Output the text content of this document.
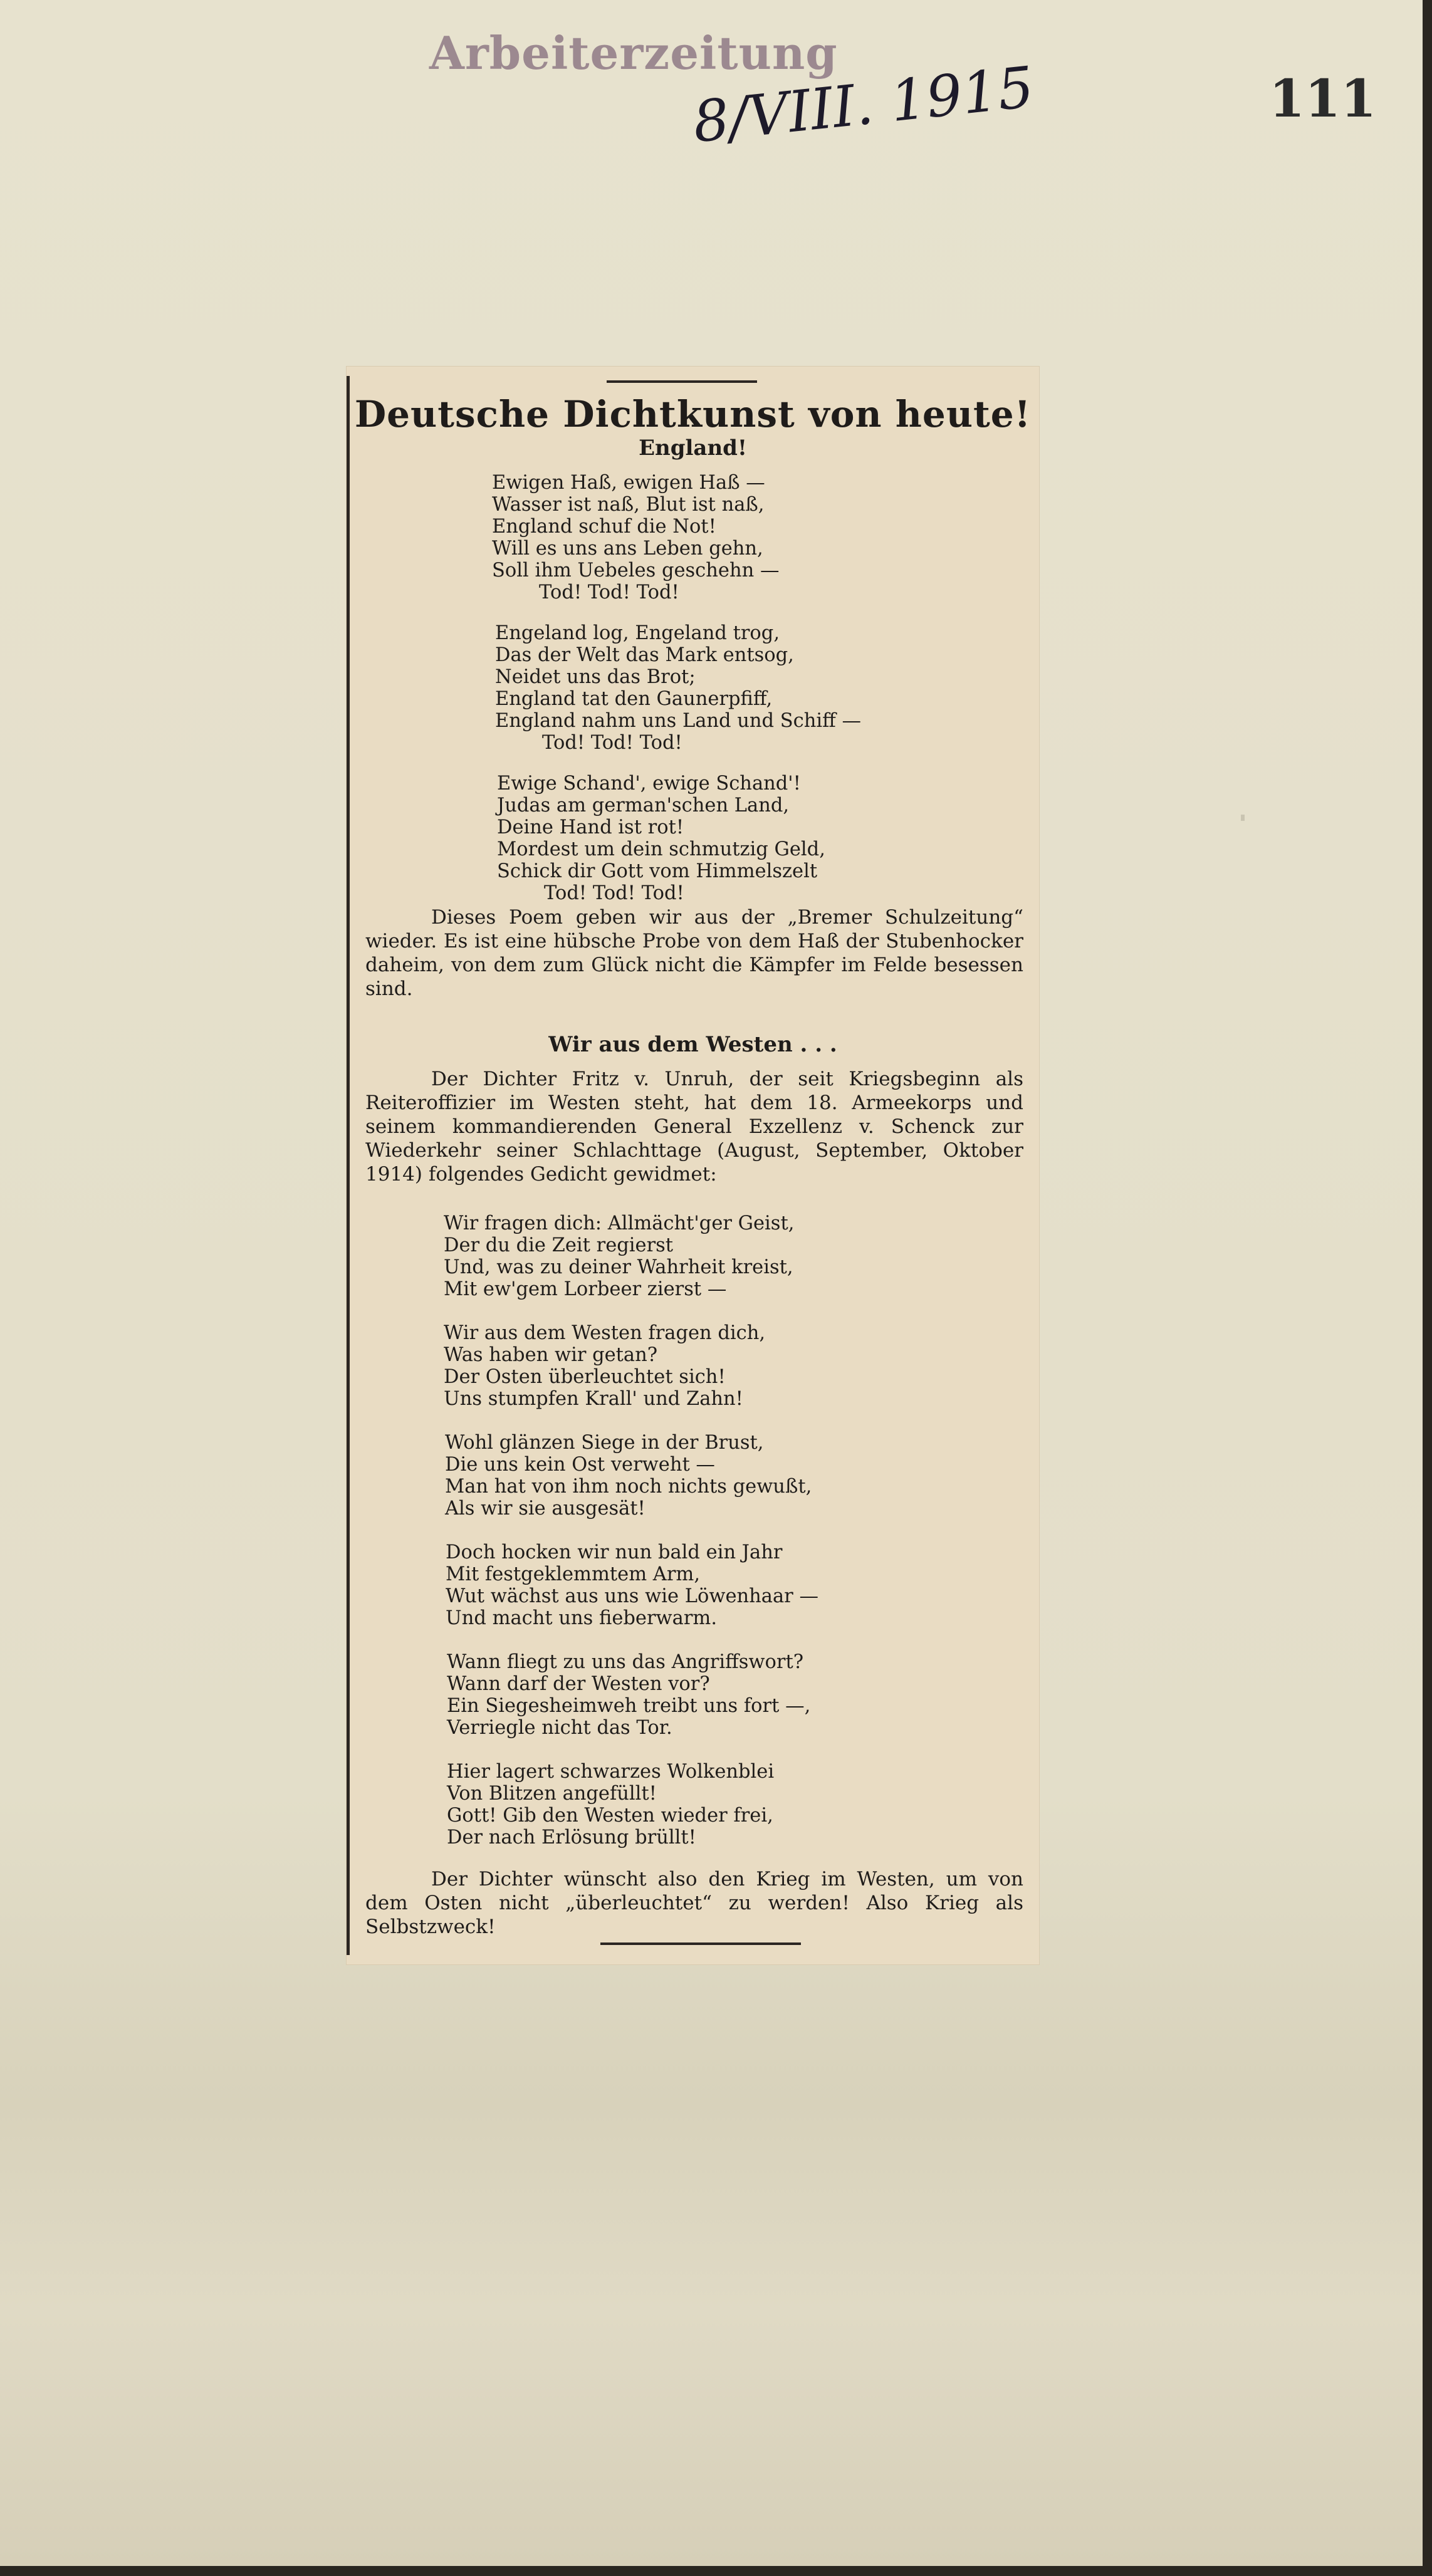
Arbeiterzeitung
8/VIII. 1915	111
Deutsche Dichtkunst von heute!
England!
Ewigen Haß, ewigen Haß —
Wasser ist naß, Blut ist naß,
England schuf die Not!
Will es uns ans Leben gehn,
Soll ihm Uebeles geschehn —
Tod! Tod! Tod!
Engeland log, Engeland trog,
Das der Welt das Mark entsog,
Neidet uns das Brot;
England tat den Gaunerpfiff,
England nahm uns Land und Schiff —
Tod! Tod! Tod!
Ewige Schand', ewige Schand'!
Judas am german'schen Land,
Deine Hand ist rot!
Mordest um dein schmutzig Geld,
Schick dir Gott vom Himmelszelt
Tod! Tod! Tod!
Dieses Poem geben wir aus der „Bremer Schulzeitung“ wieder. Es ist eine hübsche Probe von dem Haß der Stubenhocker daheim, von dem zum Glück nicht die Kämpfer im Felde besessen sind.
Wir aus dem Westen . . .
Der Dichter Fritz v. Unruh, der seit Kriegsbeginn als Reiteroffizier im Westen steht, hat dem 18. Armeekorps und seinem kommandierenden General Exzellenz v. Schenck zur Wiederkehr seiner Schlachttage (August, September, Oktober 1914) folgendes Gedicht gewidmet:
Wir fragen dich: Allmächt'ger Geist,
Der du die Zeit regierst
Und, was zu deiner Wahrheit kreist,
Mit ew'gem Lorbeer zierst —
Wir aus dem Westen fragen dich,
Was haben wir getan?
Der Osten überleuchtet sich!
Uns stumpfen Krall' und Zahn!
Wohl glänzen Siege in der Brust,
Die uns kein Ost verweht —
Man hat von ihm noch nichts gewußt,
Als wir sie ausgesät!
Doch hocken wir nun bald ein Jahr
Mit festgeklemmtem Arm,
Wut wächst aus uns wie Löwenhaar —
Und macht uns fieberwarm.
Wann fliegt zu uns das Angriffswort?
Wann darf der Westen vor?
Ein Siegesheimweh treibt uns fort —,
Verriegle nicht das Tor.
Hier lagert schwarzes Wolkenblei
Von Blitzen angefüllt!
Gott! Gib den Westen wieder frei,
Der nach Erlösung brüllt!
Der Dichter wünscht also den Krieg im Westen, um von dem Osten nicht „überleuchtet“ zu werden! Also Krieg als Selbstzweck!
